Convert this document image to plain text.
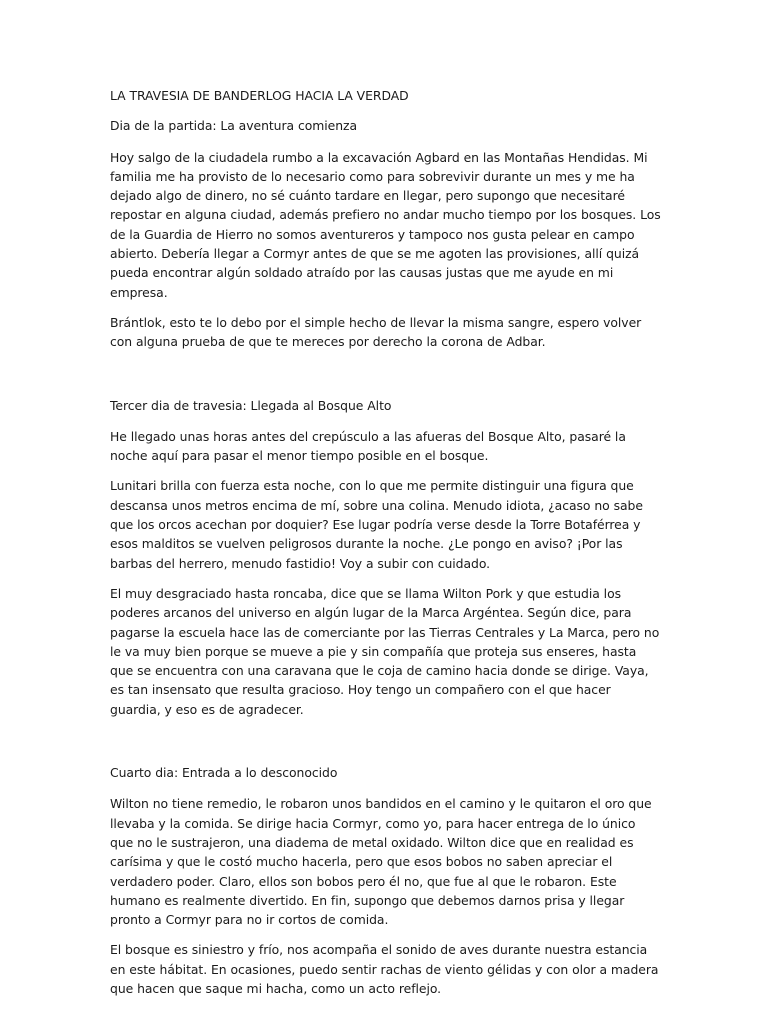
LA TRAVESIA DE BANDERLOG HACIA LA VERDAD

Dia de la partida: La aventura comienza

Hoy salgo de la ciudadela rumbo a la excavación Agbard en las Montañas Hendidas. Mi familia me ha provisto de lo necesario como para sobrevivir durante un mes y me ha dejado algo de dinero, no sé cuánto tardare en llegar, pero supongo que necesitaré repostar en alguna ciudad, además prefiero no andar mucho tiempo por los bosques. Los de la Guardia de Hierro no somos aventureros y tampoco nos gusta pelear en campo abierto. Debería llegar a Cormyr antes de que se me agoten las provisiones, allí quizá pueda encontrar algún soldado atraído por las causas justas que me ayude en mi empresa.

Brántlok, esto te lo debo por el simple hecho de llevar la misma sangre, espero volver con alguna prueba de que te mereces por derecho la corona de Adbar.

Tercer dia de travesia: Llegada al Bosque Alto

He llegado unas horas antes del crepúsculo a las afueras del Bosque Alto, pasaré la noche aquí para pasar el menor tiempo posible en el bosque.

Lunitari brilla con fuerza esta noche, con lo que me permite distinguir una figura que descansa unos metros encima de mí, sobre una colina. Menudo idiota, ¿acaso no sabe que los orcos acechan por doquier? Ese lugar podría verse desde la Torre Botaférrea y esos malditos se vuelven peligrosos durante la noche. ¿Le pongo en aviso? ¡Por las barbas del herrero, menudo fastidio! Voy a subir con cuidado.

El muy desgraciado hasta roncaba, dice que se llama Wilton Pork y que estudia los poderes arcanos del universo en algún lugar de la Marca Argéntea. Según dice, para pagarse la escuela hace las de comerciante por las Tierras Centrales y La Marca, pero no le va muy bien porque se mueve a pie y sin compañía que proteja sus enseres, hasta que se encuentra con una caravana que le coja de camino hacia donde se dirige. Vaya, es tan insensato que resulta gracioso. Hoy tengo un compañero con el que hacer guardia, y eso es de agradecer.

Cuarto dia: Entrada a lo desconocido

Wilton no tiene remedio, le robaron unos bandidos en el camino y le quitaron el oro que llevaba y la comida. Se dirige hacia Cormyr, como yo, para hacer entrega de lo único que no le sustrajeron, una diadema de metal oxidado. Wilton dice que en realidad es carísima y que le costó mucho hacerla, pero que esos bobos no saben apreciar el verdadero poder. Claro, ellos son bobos pero él no, que fue al que le robaron. Este humano es realmente divertido. En fin, supongo que debemos darnos prisa y llegar pronto a Cormyr para no ir cortos de comida.

El bosque es siniestro y frío, nos acompaña el sonido de aves durante nuestra estancia en este hábitat. En ocasiones, puedo sentir rachas de viento gélidas y con olor a madera que hacen que saque mi hacha, como un acto reflejo.
